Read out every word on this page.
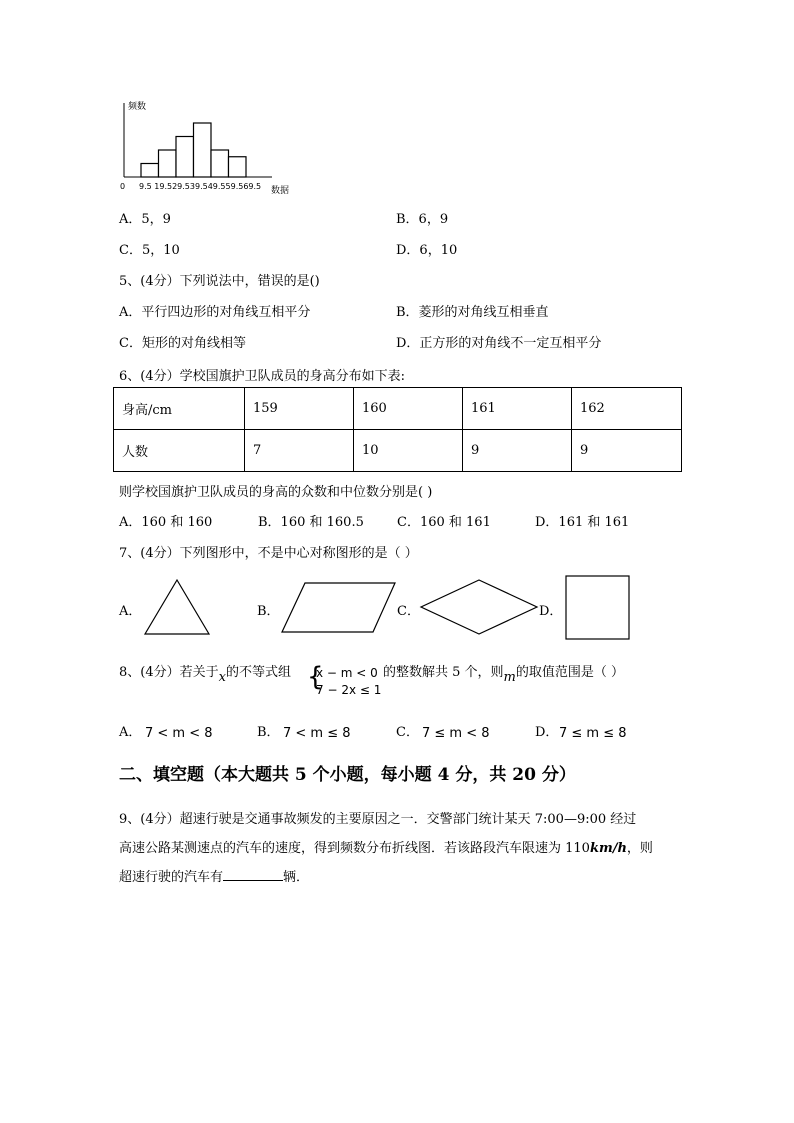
频数
0 9.5 19.529.539.549.559.569.5 数据
A．5，9	B．6，9
C．5，10	D．6，10
5、(4分）下列说法中，错误的是()
A．平行四边形的对角线互相平分	B．菱形的对角线互相垂直
C．矩形的对角线相等	D．正方形的对角线不一定互相平分
6、(4分）学校国旗护卫队成员的身高分布如下表:
身高/cm	159	160	161	162
人数	7	10	9	9
则学校国旗护卫队成员的身高的众数和中位数分别是( )
A．160 和 160	B．160 和 160.5	C．160 和 161	D．161 和 161
7、(4分）下列图形中，不是中心对称图形的是（ ）
A．	B．	C．	D．
8、(4分）若关于x的不等式组 {
x − m < 0
7 − 2x ≤ 1
的整数解共 5 个，则m的取值范围是（ ）
A． 7 < m < 8	B． 7 < m ≤ 8	C． 7 ≤ m < 8	D． 7 ≤ m ≤ 8
二、填空题（本大题共 5 个小题，每小题 4 分，共 20 分）
9、(4分）超速行驶是交通事故频发的主要原因之一．交警部门统计某天 7:00—9:00 经过
高速公路某测速点的汽车的速度，得到频数分布折线图．若该路段汽车限速为 110km/h，则
超速行驶的汽车有	辆．
